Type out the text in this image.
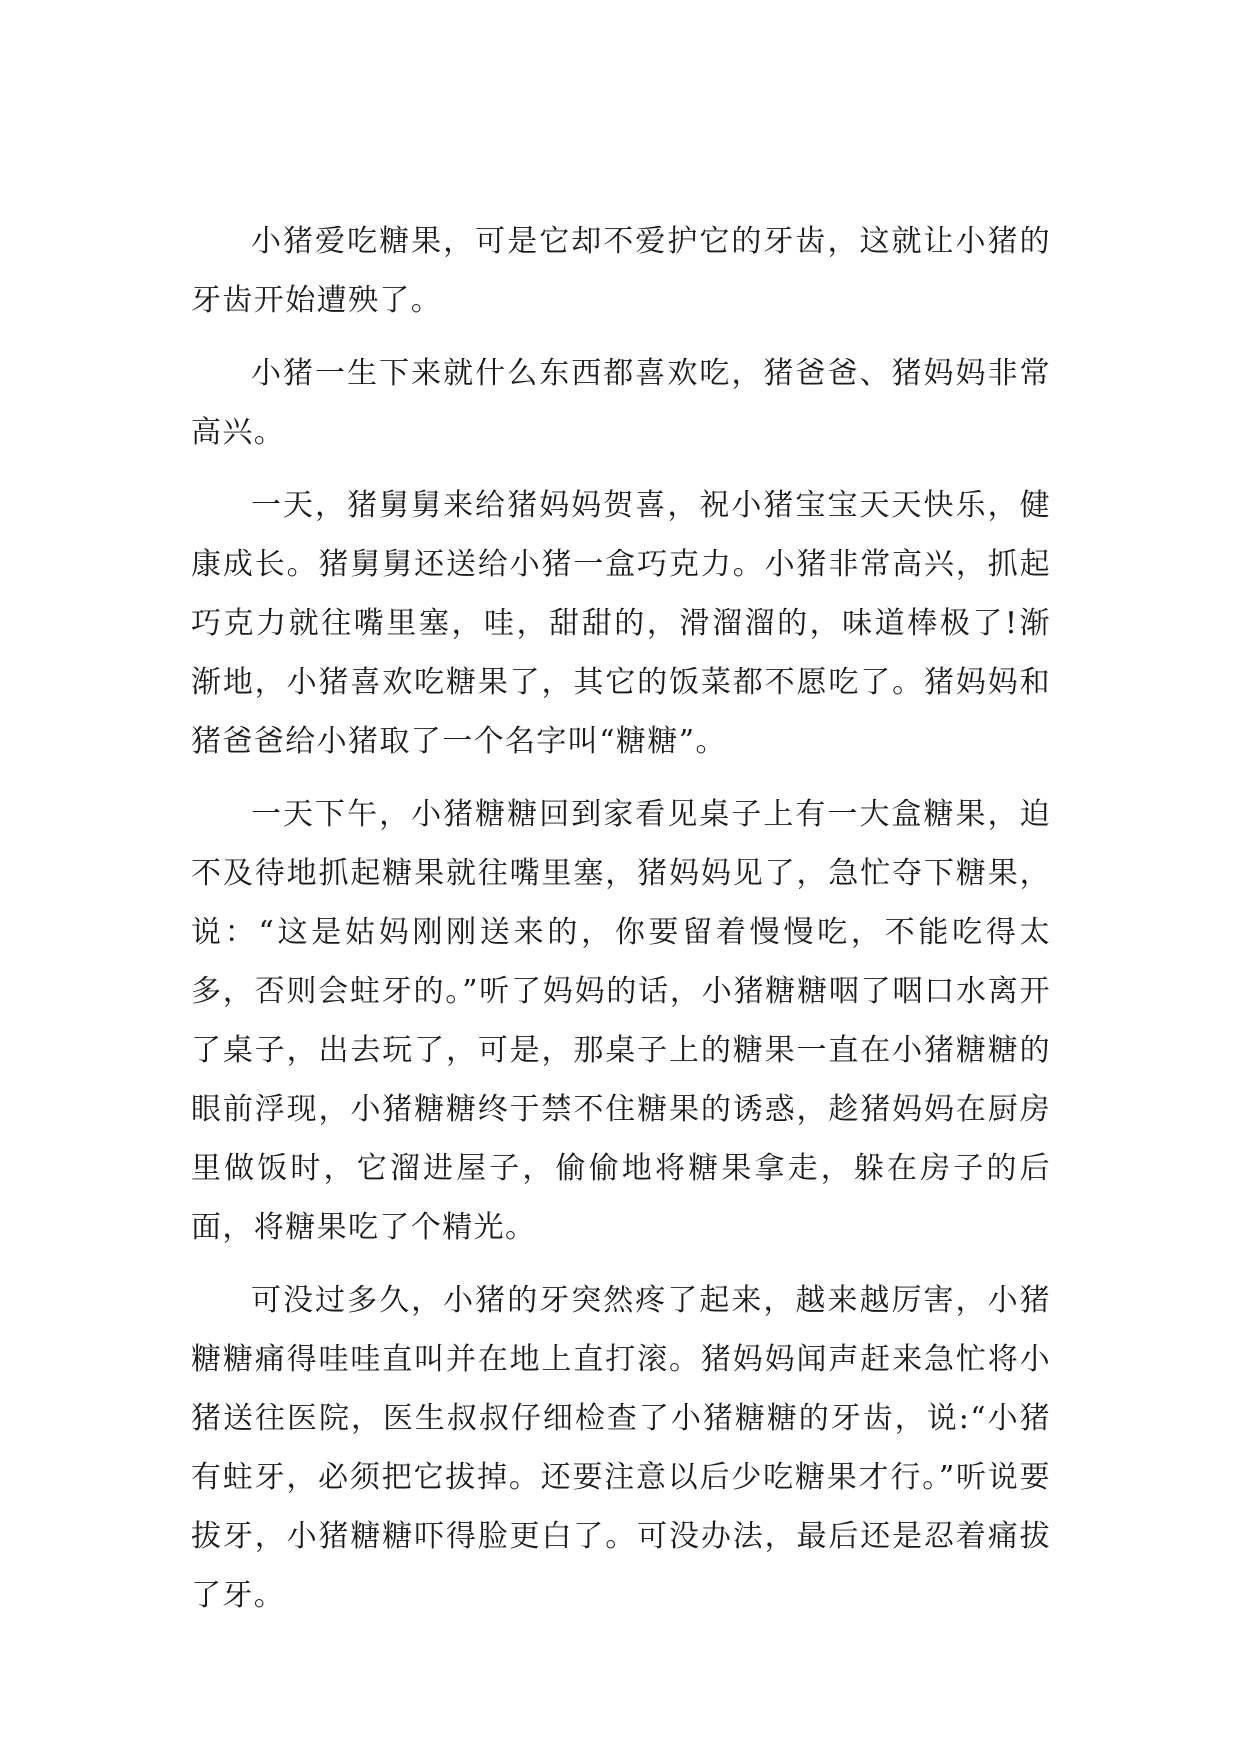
小猪爱吃糖果，可是它却不爱护它的牙齿，这就让小猪的牙齿开始遭殃了。

小猪一生下来就什么东西都喜欢吃，猪爸爸、猪妈妈非常高兴。

一天，猪舅舅来给猪妈妈贺喜，祝小猪宝宝天天快乐，健康成长。猪舅舅还送给小猪一盒巧克力。小猪非常高兴，抓起巧克力就往嘴里塞，哇，甜甜的，滑溜溜的，味道棒极了!渐渐地，小猪喜欢吃糖果了，其它的饭菜都不愿吃了。猪妈妈和猪爸爸给小猪取了一个名字叫“糖糖”。

一天下午，小猪糖糖回到家看见桌子上有一大盒糖果，迫不及待地抓起糖果就往嘴里塞，猪妈妈见了，急忙夺下糖果，说：“这是姑妈刚刚送来的，你要留着慢慢吃，不能吃得太多，否则会蛀牙的。”听了妈妈的话，小猪糖糖咽了咽口水离开了桌子，出去玩了，可是，那桌子上的糖果一直在小猪糖糖的眼前浮现，小猪糖糖终于禁不住糖果的诱惑，趁猪妈妈在厨房里做饭时，它溜进屋子，偷偷地将糖果拿走，躲在房子的后面，将糖果吃了个精光。

可没过多久，小猪的牙突然疼了起来，越来越厉害，小猪糖糖痛得哇哇直叫并在地上直打滚。猪妈妈闻声赶来急忙将小猪送往医院，医生叔叔仔细检查了小猪糖糖的牙齿，说:“小猪有蛀牙，必须把它拔掉。还要注意以后少吃糖果才行。”听说要拔牙，小猪糖糖吓得脸更白了。可没办法，最后还是忍着痛拔了牙。
